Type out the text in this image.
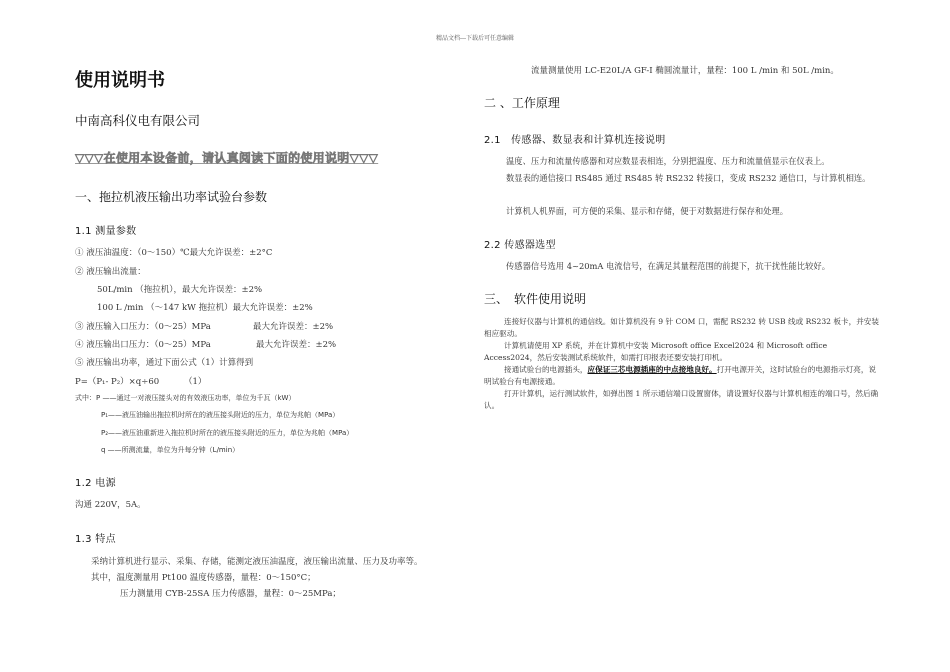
精品文档---下载后可任意编辑
使用说明书
中南高科仪电有限公司
▽▽▽在使用本设备前，请认真阅读下面的使用说明▽▽▽
一、拖拉机液压输出功率试验台参数
1.1 测量参数
① 液压油温度：（0～150）℃最大允许误差：±2°C
② 液压输出流量：
50L/min （拖拉机），最大允许误差：±2%
100 L /min （～147 kW 拖拉机）最大允许误差：±2%
③ 液压输入口压力：（0～25）MPa	最大允许误差：±2%
④ 液压输出口压力：（0～25）MPa	最大允许误差：±2%
⑤ 液压输出功率，通过下面公式（1）计算得到
P=（P₁- P₂）×q÷60	（1）
式中：P ——通过一对液压接头对的有效液压功率，单位为千瓦（kW）
P₁——液压油输出拖拉机时所在的液压接头附近的压力，单位为兆帕（MPa）
P₂——液压油重新进入拖拉机时所在的液压接头附近的压力，单位为兆帕（MPa）
q ——所测流量，单位为升每分钟（L/min）
1.2 电源
沟通 220V，5A。
1.3 特点
采纳计算机进行显示、采集、存储，能测定液压油温度，液压输出流量、压力及功率等。
其中，温度测量用 Pt100 温度传感器，量程：0～150°C；
压力测量用 CYB-25SA 压力传感器，量程：0～25MPa；
流量测量使用 LC-E20L/A GF-I 椭圆流量计，量程：100 L /min 和 50L /min。
二 、工作原理
2.1　传感器、数显表和计算机连接说明
温度、压力和流量传感器和对应数显表相连，分别把温度、压力和流量值显示在仪表上。
数显表的通信接口 RS485 通过 RS485 转 RS232 转接口，变成 RS232 通信口，与计算机相连。
计算机人机界面，可方便的采集、显示和存储，便于对数据进行保存和处理。
2.2 传感器选型
传感器信号选用 4~20mA 电流信号，在满足其量程范围的前提下，抗干扰性能比较好。
三、　软件使用说明
连接好仪器与计算机的通信线。如计算机没有 9 针 COM 口，需配 RS232 转 USB 线或 RS232 板卡，并安装相应驱动。
计算机请使用 XP 系统，并在计算机中安装 Microsoft office Excel2024 和 Microsoft office Access2024，然后安装测试系统软件，如需打印报表还要安装打印机。
接通试验台的电源插头，应保证三芯电源插座的中点接地良好。打开电源开关，这时试验台的电源指示灯亮，说明试验台有电源接通。
打开计算机，运行测试软件，如弹出图 1 所示通信端口设置窗体，请设置好仪器与计算机相连的端口号，然后确认。
